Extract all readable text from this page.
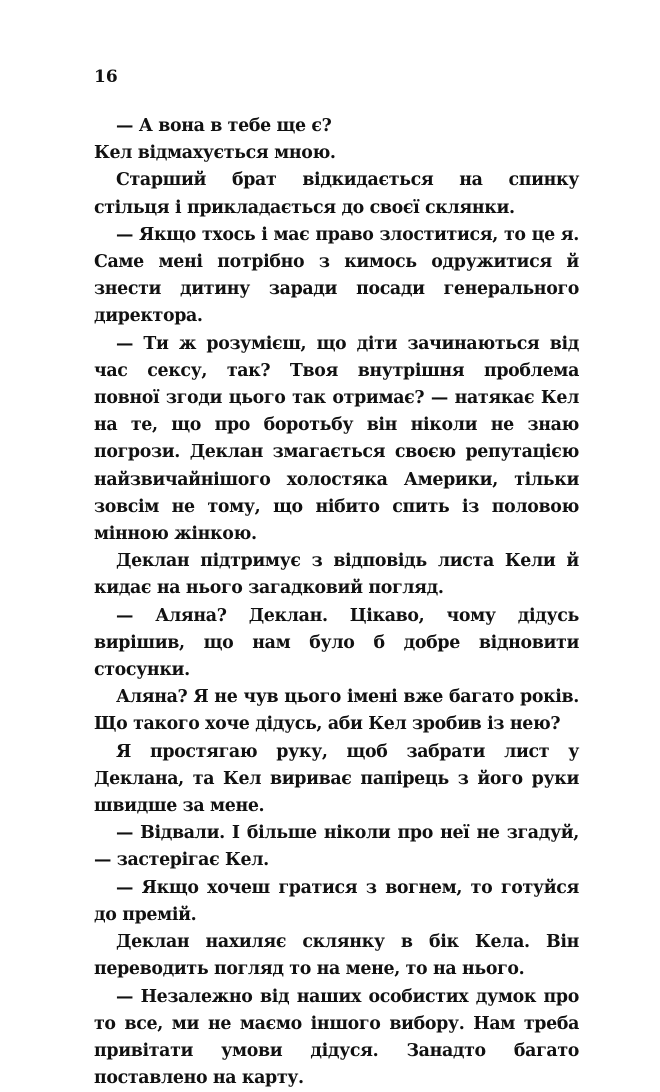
16

— А вона в тебе ще є?

Кел відмахується мною.

Старший брат відкидається на спинку стільця і прикладається до своєї склянки.

— Якщо тхось і має право злоститися, то це я. Саме мені потрібно з кимось одружитися й знести дитину заради посади генерального директора.

— Ти ж розумієш, що діти зачинаються від час сексу, так? Твоя внутрішня проблема повної згоди цього так отримає? — натякає Кел на те, що про боротьбу він ніколи не знаю погрози. Деклан змагається своєю репутацією найзвичайнішого холостяка Америки, тільки зовсім не тому, що нібито спить із половою мінною жінкою.

Деклан підтримує з відповідь листа Кели й кидає на нього загадковий погляд.

— Аляна? Деклан. Цікаво, чому дідусь вирішив, що нам було б добре відновити стосунки.

Аляна? Я не чув цього імені вже багато років. Що такого хоче дідусь, аби Кел зробив із нею?

Я простягаю руку, щоб забрати лист у Деклана, та Кел вириває папірець з його руки швидше за мене.

— Відвали. І більше ніколи про неї не згадуй, — застерігає Кел.

— Якщо хочеш гратися з вогнем, то готуйся до премій.

Деклан нахиляє склянку в бік Кела. Він переводить погляд то на мене, то на нього.

— Незалежно від наших особистих думок про то все, ми не маємо іншого вибору. Нам треба привітати умови дідуся. Занадто багато поставлено на карту.
